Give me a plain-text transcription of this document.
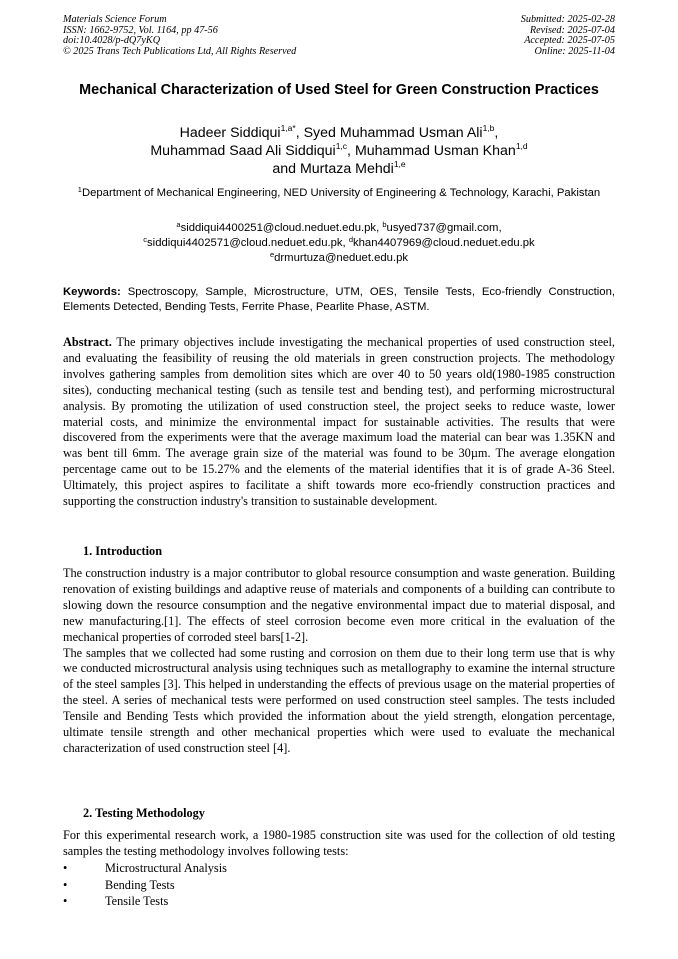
Materials Science Forum
ISSN: 1662-9752, Vol. 1164, pp 47-56
doi:10.4028/p-dQ7yKQ
© 2025 Trans Tech Publications Ltd, All Rights Reserved
Submitted: 2025-02-28
Revised: 2025-07-04
Accepted: 2025-07-05
Online: 2025-11-04
Mechanical Characterization of Used Steel for Green Construction Practices
Hadeer Siddiqui$^{1,a*}$, Syed Muhammad Usman Ali$^{1,b}$,
Muhammad Saad Ali Siddiqui$^{1,c}$, Muhammad Usman Khan$^{1,d}$
and Murtaza Mehdi$^{1,e}$
$^1$Department of Mechanical Engineering, NED University of Engineering & Technology, Karachi, Pakistan
$^a$siddiqui4400251@cloud.neduet.edu.pk, $^b$usyed737@gmail.com,
$^c$siddiqui4402571@cloud.neduet.edu.pk, $^d$khan4407969@cloud.neduet.edu.pk
$^e$drmurtuza@neduet.edu.pk
Keywords: Spectroscopy, Sample, Microstructure, UTM, OES, Tensile Tests, Eco-friendly Construction, Elements Detected, Bending Tests, Ferrite Phase, Pearlite Phase, ASTM.
Abstract. The primary objectives include investigating the mechanical properties of used construction steel, and evaluating the feasibility of reusing the old materials in green construction projects. The methodology involves gathering samples from demolition sites which are over 40 to 50 years old(1980-1985 construction sites), conducting mechanical testing (such as tensile test and bending test), and performing microstructural analysis. By promoting the utilization of used construction steel, the project seeks to reduce waste, lower material costs, and minimize the environmental impact for sustainable activities. The results that were discovered from the experiments were that the average maximum load the material can bear was 1.35KN and was bent till 6mm. The average grain size of the material was found to be 30µm. The average elongation percentage came out to be 15.27% and the elements of the material identifies that it is of grade A-36 Steel. Ultimately, this project aspires to facilitate a shift towards more eco-friendly construction practices and supporting the construction industry's transition to sustainable development.
1. Introduction

The construction industry is a major contributor to global resource consumption and waste generation. Building renovation of existing buildings and adaptive reuse of materials and components of a building can contribute to slowing down the resource consumption and the negative environmental impact due to material disposal, and new manufacturing.[1]. The effects of steel corrosion become even more critical in the evaluation of the mechanical properties of corroded steel bars[1-2].

The samples that we collected had some rusting and corrosion on them due to their long term use that is why we conducted microstructural analysis using techniques such as metallography to examine the internal structure of the steel samples [3]. This helped in understanding the effects of previous usage on the material properties of the steel. A series of mechanical tests were performed on used construction steel samples. The tests included Tensile and Bending Tests which provided the information about the yield strength, elongation percentage, ultimate tensile strength and other mechanical properties which were used to evaluate the mechanical characterization of used construction steel [4].

2. Testing Methodology

For this experimental research work, a 1980-1985 construction site was used for the collection of old testing samples the testing methodology involves following tests:

•	Microstructural Analysis
•	Bending Tests
•	Tensile Tests
